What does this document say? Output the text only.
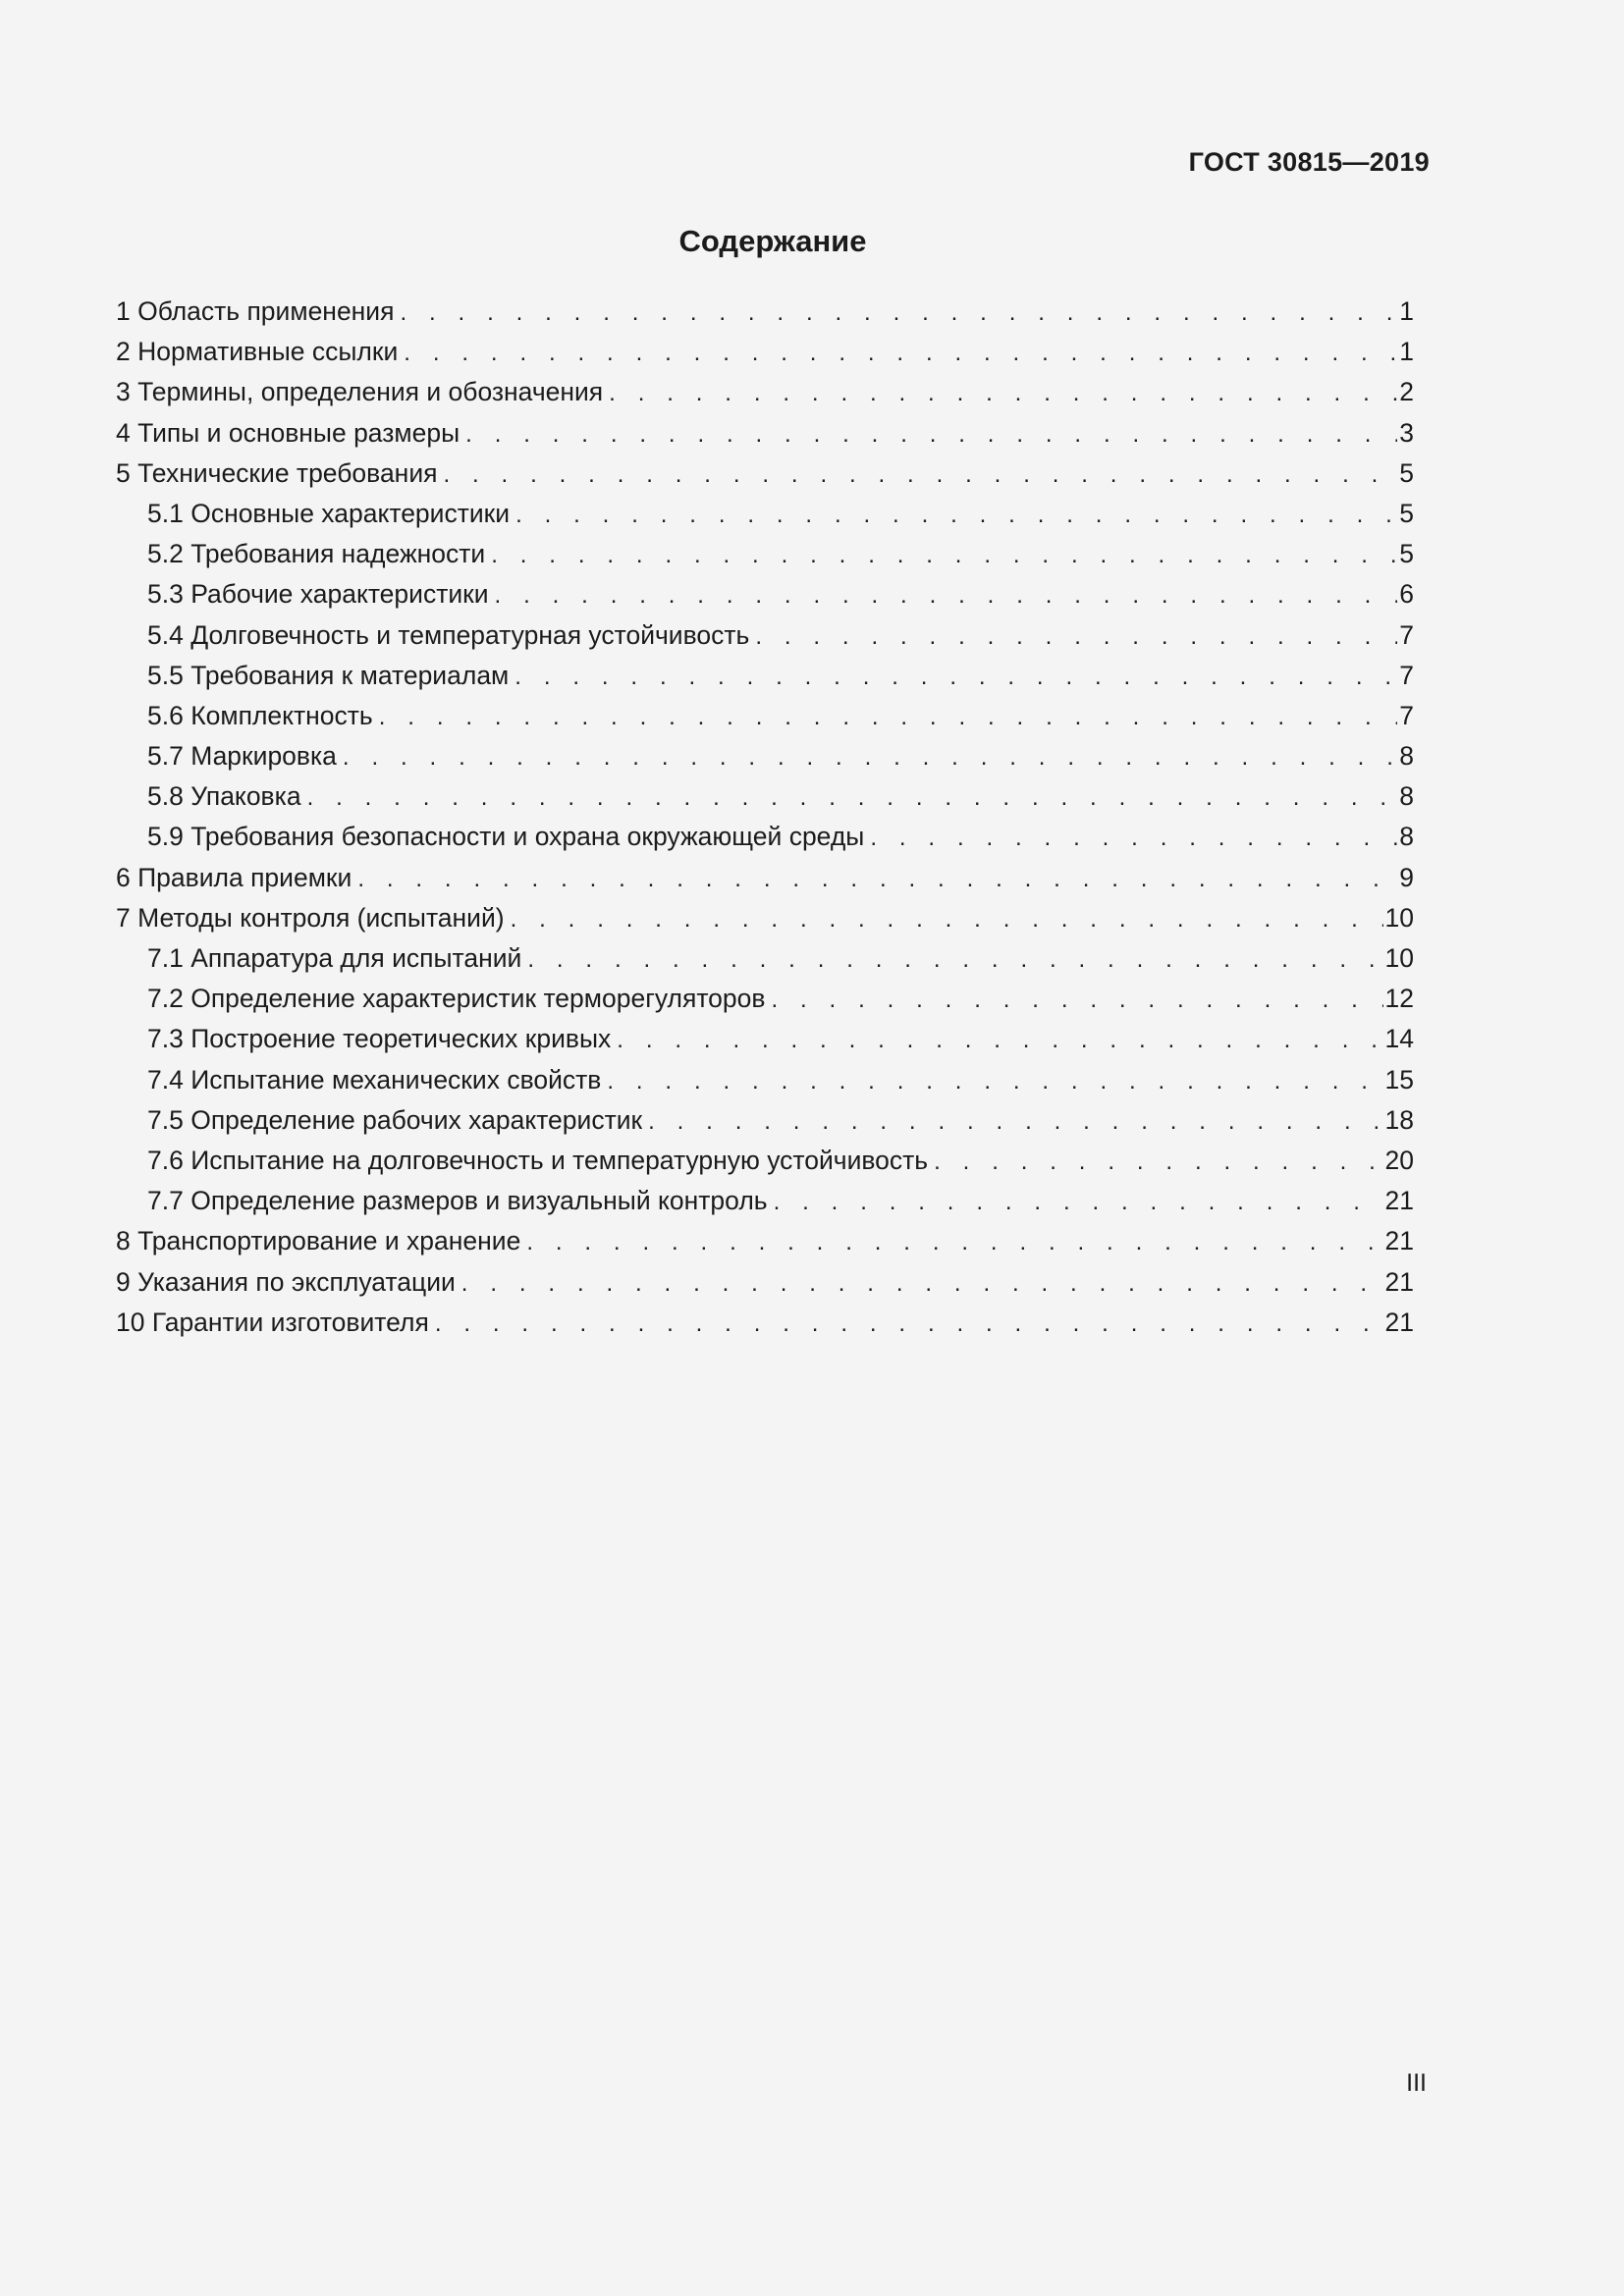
ГОСТ 30815—2019
Содержание
1 Область применения . . .	1
2 Нормативные ссылки . . .	1
3 Термины, определения и обозначения . . .	2
4 Типы и основные размеры . . .	3
5 Технические требования . . .	5
5.1 Основные характеристики . . .	5
5.2 Требования надежности . . .	5
5.3 Рабочие характеристики . . .	6
5.4 Долговечность и температурная устойчивость . . .	7
5.5 Требования к материалам . . .	7
5.6 Комплектность . . .	7
5.7 Маркировка . . .	8
5.8 Упаковка . . .	8
5.9 Требования безопасности и охрана окружающей среды . . .	8
6 Правила приемки . . .	9
7 Методы контроля (испытаний) . . .	10
7.1 Аппаратура для испытаний . . .	10
7.2 Определение характеристик терморегуляторов . . .	12
7.3 Построение теоретических кривых . . .	14
7.4 Испытание механических свойств . . .	15
7.5 Определение рабочих характеристик . . .	18
7.6 Испытание на долговечность и температурную устойчивость . . .	20
7.7 Определение размеров и визуальный контроль . . .	21
8 Транспортирование и хранение . . .	21
9 Указания по эксплуатации . . .	21
10 Гарантии изготовителя . . .	21
III
